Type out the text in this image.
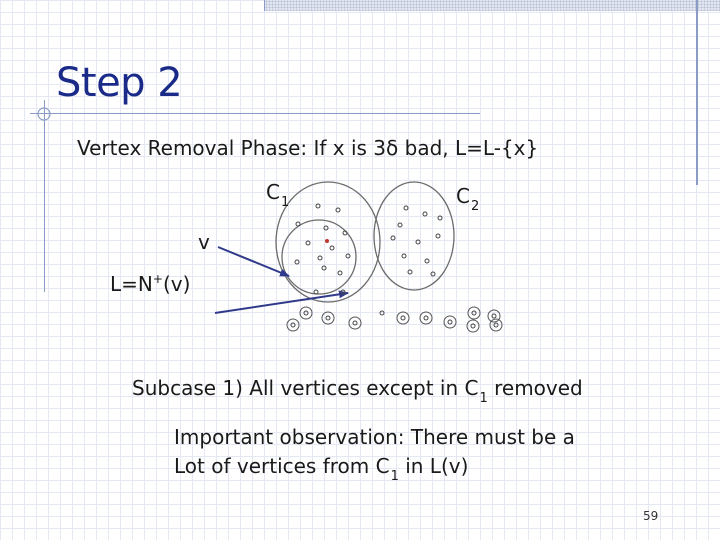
Step 2
Vertex Removal Phase: If x is 3δ bad, L=L-{x}
$C_1$	$C_2$
v
L=N+(v)
Subcase 1) All vertices except in $C_1$ removed
Important observation: There must be a
Lot of vertices from $C_1$ in L(v)
59
